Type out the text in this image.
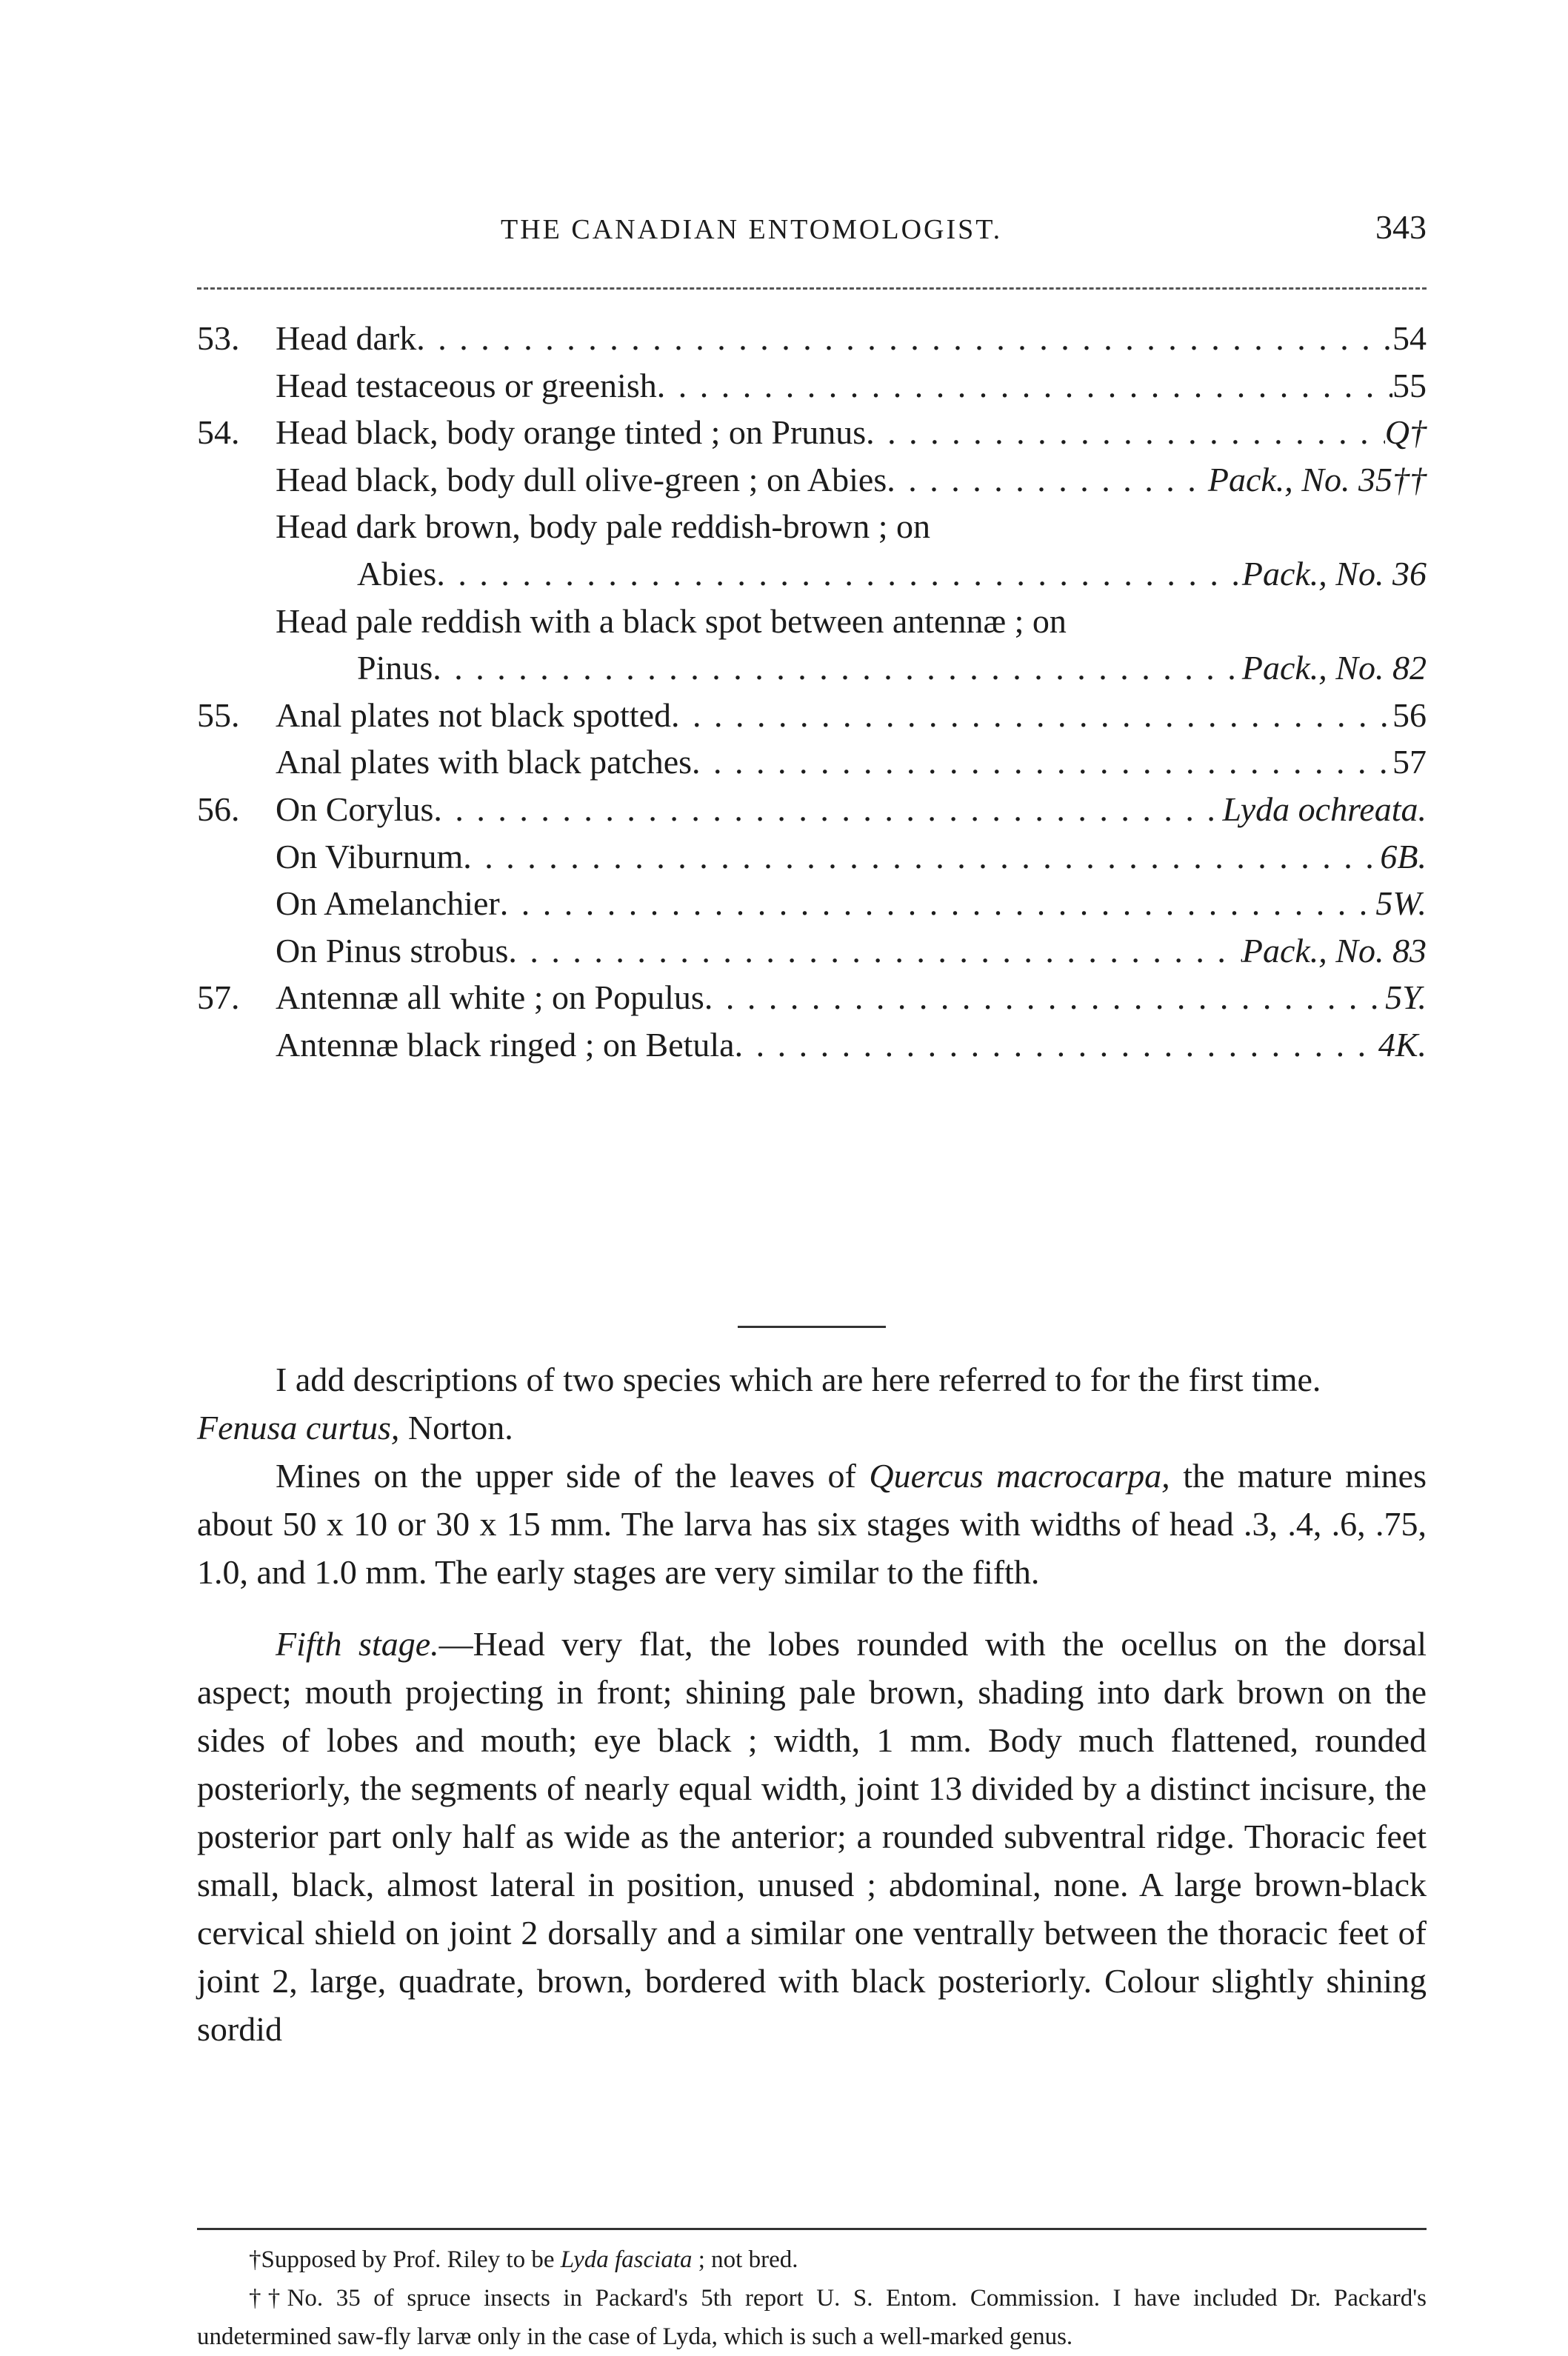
THE CANADIAN ENTOMOLOGIST.	343
53. Head dark . . .	54
Head testaceous or greenish . . .	55
54. Head black, body orange tinted ; on Prunus . . .	Q†
Head black, body dull olive-green ; on Abies . . .	Pack., No. 35††
Head dark brown, body pale reddish-brown ; on
Abies . . .	Pack., No. 36
Head pale reddish with a black spot between antennæ ; on
Pinus . . .	Pack., No. 82
55. Anal plates not black spotted . . .	56
Anal plates with black patches . . .	57
56. On Corylus . . .	Lyda ochreata.
On Viburnum . . .	6B.
On Amelanchier . . .	5W.
On Pinus strobus . . .	Pack., No. 83
57. Antennæ all white ; on Populus . . .	5Y.
Antennæ black ringed ; on Betula . . .	4K.

I add descriptions of two species which are here referred to for the first time.

Fenusa curtus, Norton.

Mines on the upper side of the leaves of Quercus macrocarpa, the mature mines about 50 x 10 or 30 x 15 mm. The larva has six stages with widths of head .3, .4, .6, .75, 1.0, and 1.0 mm. The early stages are very similar to the fifth.

Fifth stage.—Head very flat, the lobes rounded with the ocellus on the dorsal aspect; mouth projecting in front; shining pale brown, shading into dark brown on the sides of lobes and mouth; eye black ; width, 1 mm. Body much flattened, rounded posteriorly, the segments of nearly equal width, joint 13 divided by a distinct incisure, the posterior part only half as wide as the anterior; a rounded subventral ridge. Thoracic feet small, black, almost lateral in position, unused ; abdominal, none. A large brown-black cervical shield on joint 2 dorsally and a similar one ventrally between the thoracic feet of joint 2, large, quadrate, brown, bordered with black posteriorly. Colour slightly shining sordid

†Supposed by Prof. Riley to be Lyda fasciata ; not bred.

††No. 35 of spruce insects in Packard's 5th report U. S. Entom. Commission. I have included Dr. Packard's undetermined saw-fly larvæ only in the case of Lyda, which is such a well-marked genus.
